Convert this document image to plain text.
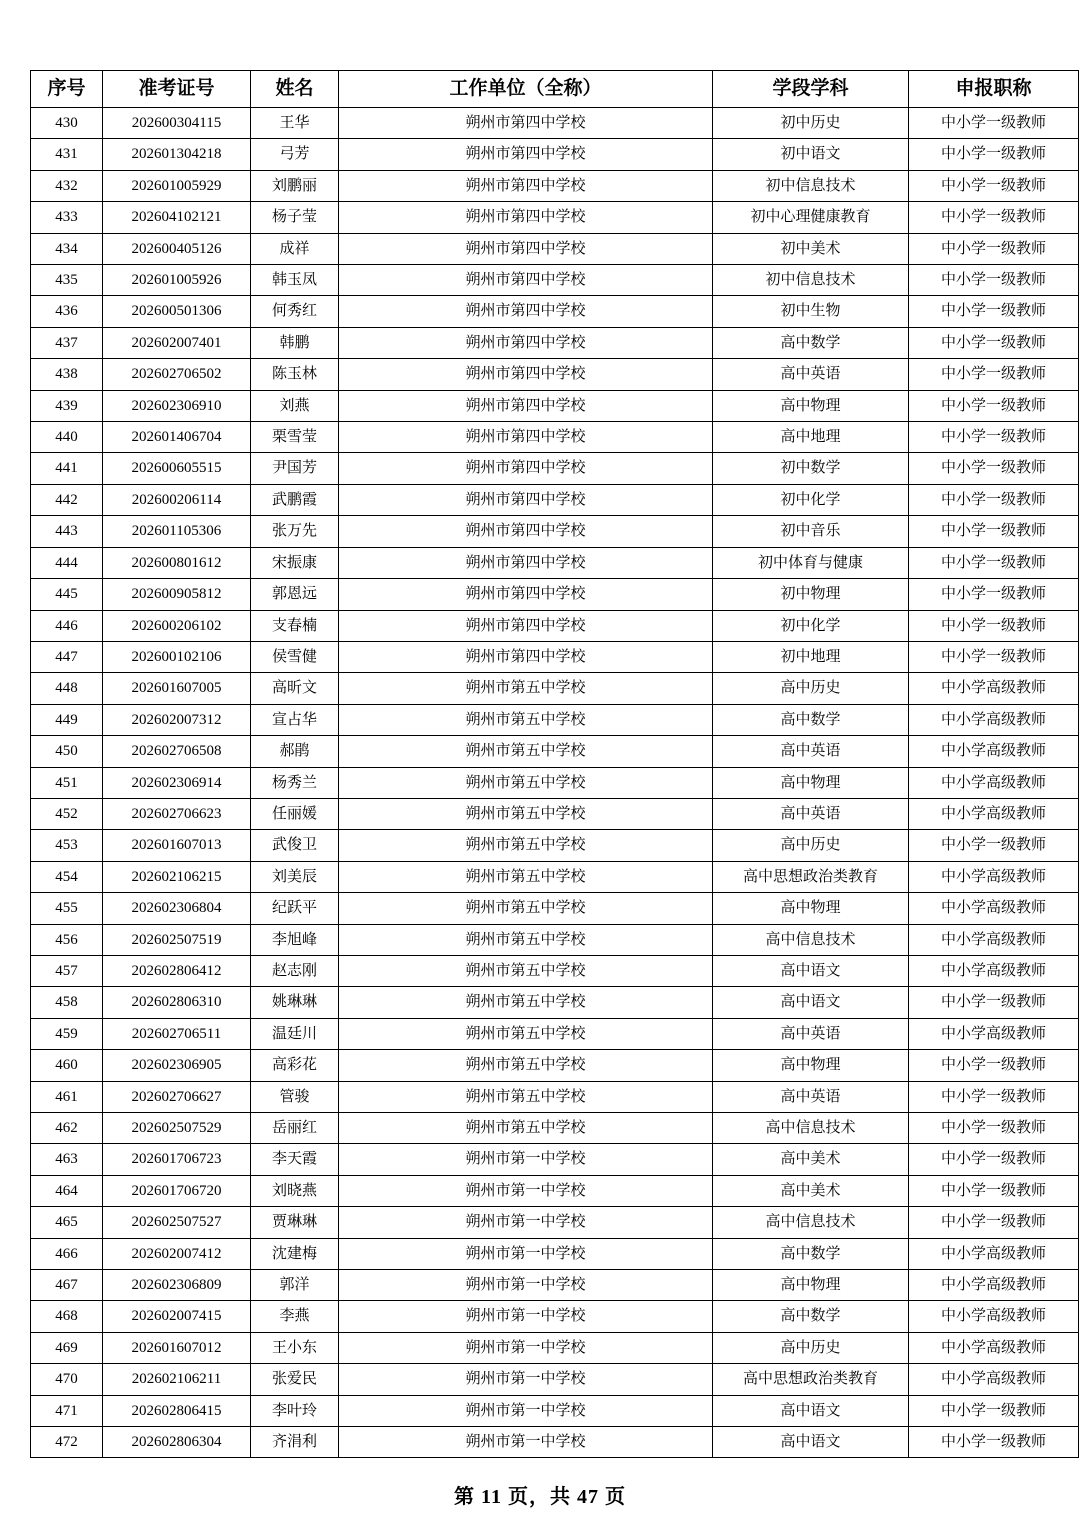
序号	准考证号	姓名	工作单位（全称）	学段学科	申报职称
430	202600304115	王华	朔州市第四中学校	初中历史	中小学一级教师
431	202601304218	弓芳	朔州市第四中学校	初中语文	中小学一级教师
432	202601005929	刘鹏丽	朔州市第四中学校	初中信息技术	中小学一级教师
433	202604102121	杨子莹	朔州市第四中学校	初中心理健康教育	中小学一级教师
434	202600405126	成祥	朔州市第四中学校	初中美术	中小学一级教师
435	202601005926	韩玉凤	朔州市第四中学校	初中信息技术	中小学一级教师
436	202600501306	何秀红	朔州市第四中学校	初中生物	中小学一级教师
437	202602007401	韩鹏	朔州市第四中学校	高中数学	中小学一级教师
438	202602706502	陈玉林	朔州市第四中学校	高中英语	中小学一级教师
439	202602306910	刘燕	朔州市第四中学校	高中物理	中小学一级教师
440	202601406704	栗雪莹	朔州市第四中学校	高中地理	中小学一级教师
441	202600605515	尹国芳	朔州市第四中学校	初中数学	中小学一级教师
442	202600206114	武鹏霞	朔州市第四中学校	初中化学	中小学一级教师
443	202601105306	张万先	朔州市第四中学校	初中音乐	中小学一级教师
444	202600801612	宋振康	朔州市第四中学校	初中体育与健康	中小学一级教师
445	202600905812	郭恩远	朔州市第四中学校	初中物理	中小学一级教师
446	202600206102	支春楠	朔州市第四中学校	初中化学	中小学一级教师
447	202600102106	侯雪健	朔州市第四中学校	初中地理	中小学一级教师
448	202601607005	高昕文	朔州市第五中学校	高中历史	中小学高级教师
449	202602007312	宣占华	朔州市第五中学校	高中数学	中小学高级教师
450	202602706508	郝鹃	朔州市第五中学校	高中英语	中小学高级教师
451	202602306914	杨秀兰	朔州市第五中学校	高中物理	中小学高级教师
452	202602706623	任丽媛	朔州市第五中学校	高中英语	中小学高级教师
453	202601607013	武俊卫	朔州市第五中学校	高中历史	中小学一级教师
454	202602106215	刘美辰	朔州市第五中学校	高中思想政治类教育	中小学高级教师
455	202602306804	纪跃平	朔州市第五中学校	高中物理	中小学高级教师
456	202602507519	李旭峰	朔州市第五中学校	高中信息技术	中小学高级教师
457	202602806412	赵志刚	朔州市第五中学校	高中语文	中小学高级教师
458	202602806310	姚琳琳	朔州市第五中学校	高中语文	中小学一级教师
459	202602706511	温廷川	朔州市第五中学校	高中英语	中小学高级教师
460	202602306905	高彩花	朔州市第五中学校	高中物理	中小学一级教师
461	202602706627	管骏	朔州市第五中学校	高中英语	中小学一级教师
462	202602507529	岳丽红	朔州市第五中学校	高中信息技术	中小学一级教师
463	202601706723	李天霞	朔州市第一中学校	高中美术	中小学一级教师
464	202601706720	刘晓燕	朔州市第一中学校	高中美术	中小学一级教师
465	202602507527	贾琳琳	朔州市第一中学校	高中信息技术	中小学一级教师
466	202602007412	沈建梅	朔州市第一中学校	高中数学	中小学高级教师
467	202602306809	郭洋	朔州市第一中学校	高中物理	中小学高级教师
468	202602007415	李燕	朔州市第一中学校	高中数学	中小学高级教师
469	202601607012	王小东	朔州市第一中学校	高中历史	中小学高级教师
470	202602106211	张爱民	朔州市第一中学校	高中思想政治类教育	中小学高级教师
471	202602806415	李叶玲	朔州市第一中学校	高中语文	中小学一级教师
472	202602806304	齐涓利	朔州市第一中学校	高中语文	中小学一级教师
第 11 页，共 47 页
